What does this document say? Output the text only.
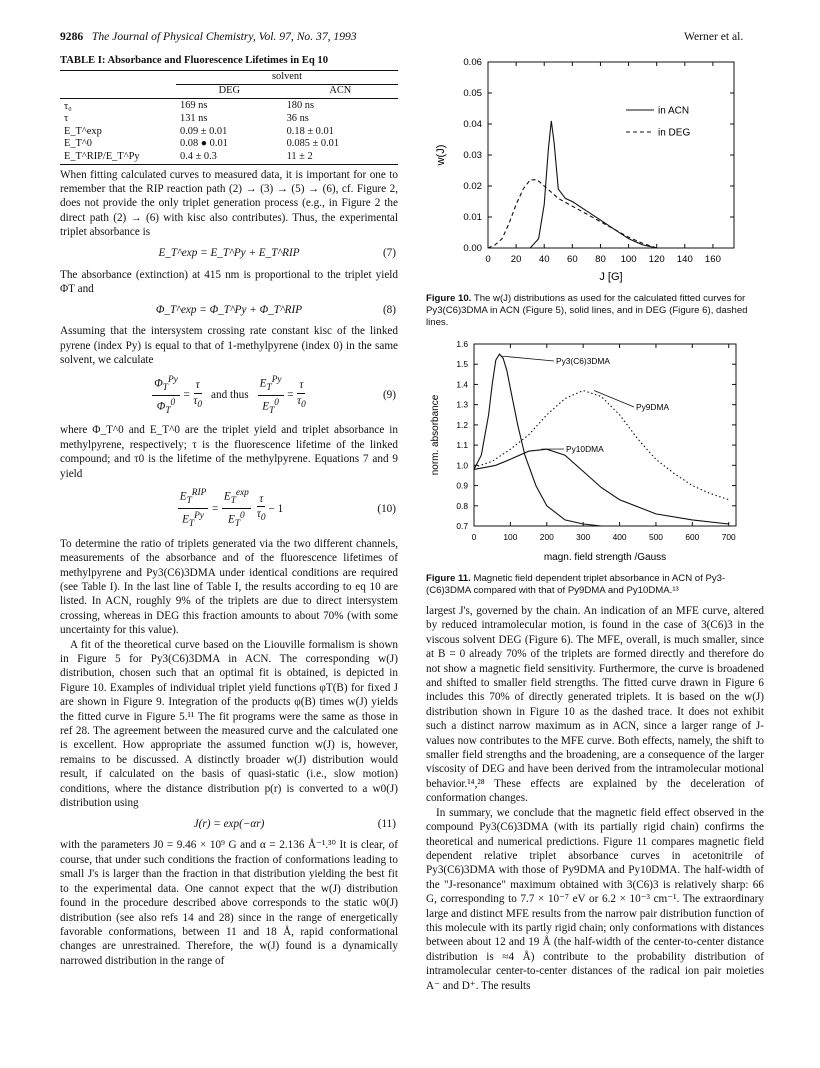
9286 The Journal of Physical Chemistry, Vol. 97, No. 37, 1993	Werner et al.
TABLE I: Absorbance and Fluorescence Lifetimes in Eq 10
	solvent	
	DEG	ACN
τ₀	169 ns	180 ns
τ	131 ns	36 ns
E_T^exp	0.09 ± 0.01	0.18 ± 0.01
E_T^0	0.08 ● 0.01	0.085 ± 0.01
E_T^RIP/E_T^Py	0.4 ± 0.3	11 ± 2

When fitting calculated curves to measured data, it is important for one to remember that the RIP reaction path (2) → (3) → (5) → (6), cf. Figure 2, does not provide the only triplet generation process (e.g., in Figure 2 the direct path (2) → (6) with kisc also contributes). Thus, the experimental triplet absorbance is

E_T^exp = E_T^Py + E_T^RIP	(7)

The absorbance (extinction) at 415 nm is proportional to the triplet yield ΦT and

Φ_T^exp = Φ_T^Py + Φ_T^RIP	(8)

Assuming that the intersystem crossing rate constant kisc of the linked pyrene (index Py) is equal to that of 1-methylpyrene (index 0) in the same solvent, we calculate

$\frac{\Phi_T^{Py}}{\Phi_T^0} = \frac{\tau}{\tau_0}$ and thus $\frac{E_T^{Py}}{E_T^0} = \frac{\tau}{\tau_0}$	(9)

where Φ_T^0 and E_T^0 are the triplet yield and triplet absorbance in methylpyrene, respectively; τ is the fluorescence lifetime of the linked compound; and τ0 is the lifetime of the methylpyrene. Equations 7 and 9 yield

$\frac{E_T^{RIP}}{E_T^{Py}} = \frac{E_T^{exp}}{E_T^0} \frac{\tau}{\tau_0} - 1$	(10)

To determine the ratio of triplets generated via the two different channels, measurements of the absorbance and of the fluorescence lifetimes of methylpyrene and Py3(C6)3DMA under identical conditions are required (see Table I). In the last line of Table I, the results according to eq 10 are listed. In ACN, roughly 9% of the triplets are due to direct intersystem crossing, whereas in DEG this fraction amounts to about 70% (with some uncertainty for this value).

A fit of the theoretical curve based on the Liouville formalism is shown in Figure 5 for Py3(C6)3DMA in ACN. The corresponding w(J) distribution, chosen such that an optimal fit is obtained, is depicted in Figure 10. Examples of individual triplet yield functions φT(B) for fixed J are shown in Figure 9. Integration of the products φ(B) times w(J) yields the fitted curve in Figure 5.¹¹ The fit programs were the same as those in ref 28. The agreement between the measured curve and the calculated one is excellent. How appropriate the assumed function w(J) is, however, remains to be discussed. A distinctly broader w(J) distribution would result, if calculated on the basis of quasi-static (i.e., slow motion) conditions, where the distance distribution p(r) is converted to a w0(J) distribution using

J(r) = exp(−αr)	(11)

with the parameters J0 = 9.46 × 10⁹ G and α = 2.136 Å⁻¹.³⁰ It is clear, of course, that under such conditions the fraction of conformations leading to small J's is larger than the fraction in that distribution yielding the best fit to the experimental data. One cannot expect that the w(J) distribution found in the procedure described above corresponds to the static w0(J) distribution (see also refs 14 and 28) since in the range of energetically favorable conformations, between 11 and 18 Å, rapid conformational changes are unrestrained. Therefore, the w(J) found is a dynamically narrowed distribution in the range of

0 20 40 60 80 100 120 140 160
0.00
0.01
0.02
0.03
0.04
0.05
0.06
J [G]
w(J)
in ACN
in DEG
Figure 10. The w(J) distributions as used for the calculated fitted curves for Py3(C6)3DMA in ACN (Figure 5), solid lines, and in DEG (Figure 6), dashed lines.
0	100	200	300	400	500	600	700
0.7
0.8
0.9
1.0
1.1
1.2
1.3
1.4
1.5
1.6
magn. field strength /Gauss
norm. absorbance
Py3(C6)3DMA
Py9DMA
Py10DMA
Figure 11. Magnetic field dependent triplet absorbance in ACN of Py3-(C6)3DMA compared with that of Py9DMA and Py10DMA.¹³

largest J's, governed by the chain. An indication of an MFE curve, altered by reduced intramolecular motion, is found in the case of 3(C6)3 in the viscous solvent DEG (Figure 6). The MFE, overall, is much smaller, since at B = 0 already 70% of the triplets are formed directly and therefore do not show a magnetic field sensitivity. Furthermore, the curve is broadened and shifted to smaller field strengths. The fitted curve drawn in Figure 6 includes this 70% of directly generated triplets. It is based on the w(J) distribution shown in Figure 10 as the dashed trace. It does not exhibit such a distinct narrow maximum as in ACN, since a larger range of J-values now contributes to the MFE curve. Both effects, namely, the shift to smaller field strengths and the broadening, are a consequence of the larger viscosity of DEG and have been derived from the intramolecular motional behavior.¹⁴,²⁸ These effects are explained by the deceleration of conformation changes.

In summary, we conclude that the magnetic field effect observed in the compound Py3(C6)3DMA (with its partially rigid chain) confirms the theoretical and numerical predictions. Figure 11 compares magnetic field dependent relative triplet absorbance curves in acetonitrile of Py3(C6)3DMA with those of Py9DMA and Py10DMA. The half-width of the "J-resonance" maximum obtained with 3(C6)3 is relatively sharp: 66 G, corresponding to 7.7 × 10⁻⁷ eV or 6.2 × 10⁻³ cm⁻¹. The extraordinary large and distinct MFE results from the narrow pair distribution function of this molecule with its partly rigid chain; only conformations with distances between about 12 and 19 Å (the half-width of the center-to-center distance distribution is ≈4 Å) contribute to the probability distribution of intramolecular center-to-center distances of the radical ion pair moieties A⁻ and D⁺. The results
